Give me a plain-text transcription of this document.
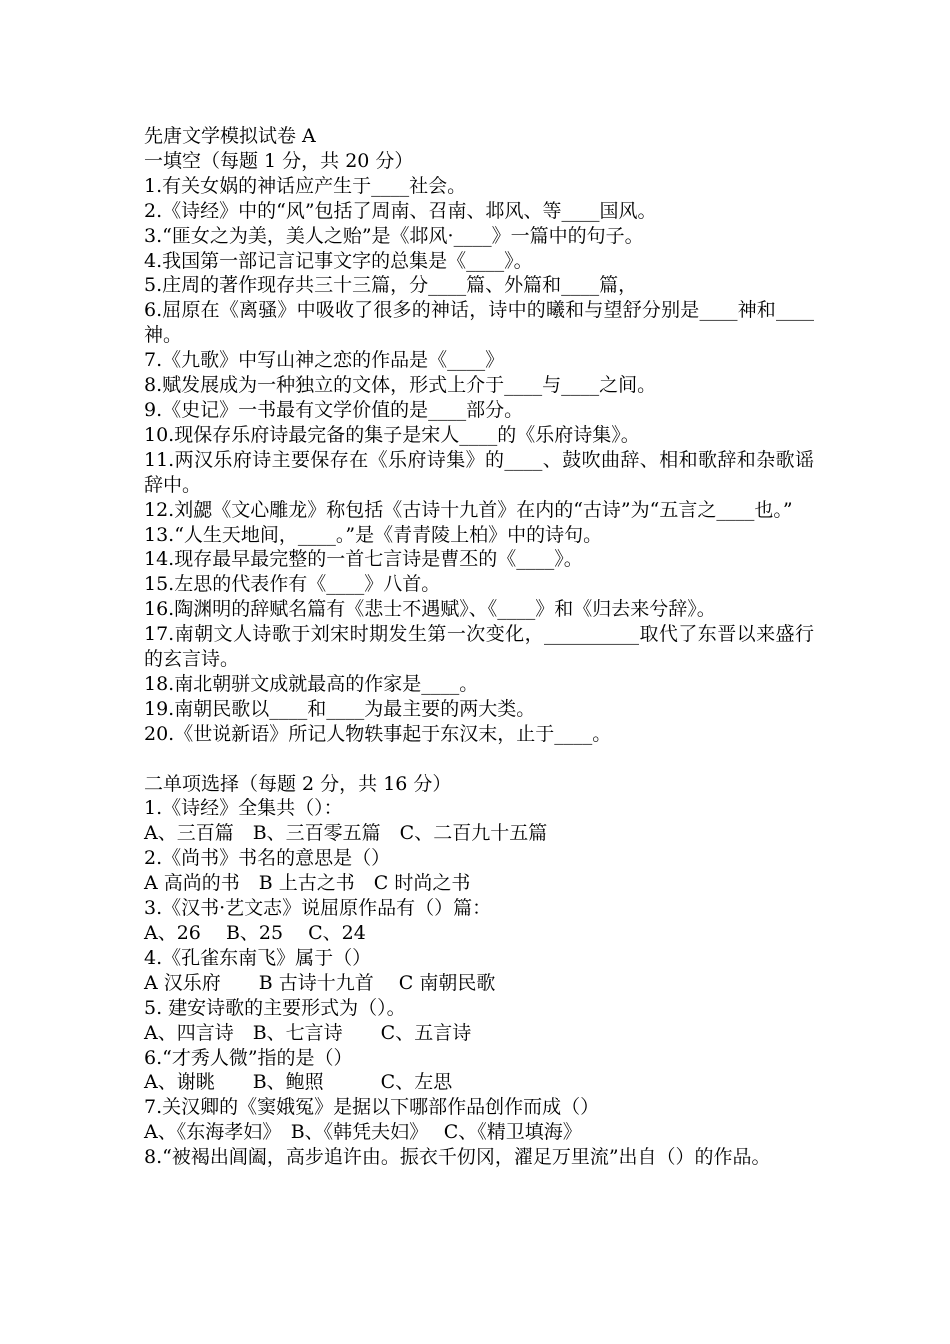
先唐文学模拟试卷 A
一填空（每题 1 分，共 20 分）
1.有关女娲的神话应产生于____社会。
2.《诗经》中的“风”包括了周南、召南、邶风、等____国风。
3.“匪女之为美，美人之贻”是《邶风·____》一篇中的句子。
4.我国第一部记言记事文字的总集是《____》。
5.庄周的著作现存共三十三篇，分____篇、外篇和____篇，
6.屈原在《离骚》中吸收了很多的神话，诗中的曦和与望舒分别是____神和____神。
7.《九歌》中写山神之恋的作品是《____》
8.赋发展成为一种独立的文体，形式上介于____与____之间。
9.《史记》一书最有文学价值的是____部分。
10.现保存乐府诗最完备的集子是宋人____的《乐府诗集》。
11.两汉乐府诗主要保存在《乐府诗集》的____、鼓吹曲辞、相和歌辞和杂歌谣辞中。
12.刘勰《文心雕龙》称包括《古诗十九首》在内的“古诗”为“五言之____也。”
13.“人生天地间，____。”是《青青陵上柏》中的诗句。
14.现存最早最完整的一首七言诗是曹丕的《____》。
15.左思的代表作有《____》八首。
16.陶渊明的辞赋名篇有《悲士不遇赋》、《____》和《归去来兮辞》。
17.南朝文人诗歌于刘宋时期发生第一次变化，__________取代了东晋以来盛行的玄言诗。
18.南北朝骈文成就最高的作家是____。
19.南朝民歌以____和____为最主要的两大类。
20.《世说新语》所记人物轶事起于东汉末，止于____。
二单项选择（每题 2 分，共 16 分）
1.《诗经》全集共（）：
A、三百篇　B、三百零五篇　C、二百九十五篇
2.《尚书》书名的意思是（）
A 高尚的书　B 上古之书　C 时尚之书
3.《汉书·艺文志》说屈原作品有（）篇：
A、26　 B、25　 C、24
4.《孔雀东南飞》属于（）
A 汉乐府　　B 古诗十九首　 C 南朝民歌
5. 建安诗歌的主要形式为（）。
A、四言诗　B、七言诗　　C、五言诗
6.“才秀人微”指的是（）
A、谢眺　　B、鲍照　　　C、左思
7.关汉卿的《窦娥冤》是据以下哪部作品创作而成（）
A、《东海孝妇》　B、《韩凭夫妇》　 C、《精卫填海》
8.“被褐出阊阖，高步追许由。振衣千仞冈，濯足万里流”出自（）的作品。
